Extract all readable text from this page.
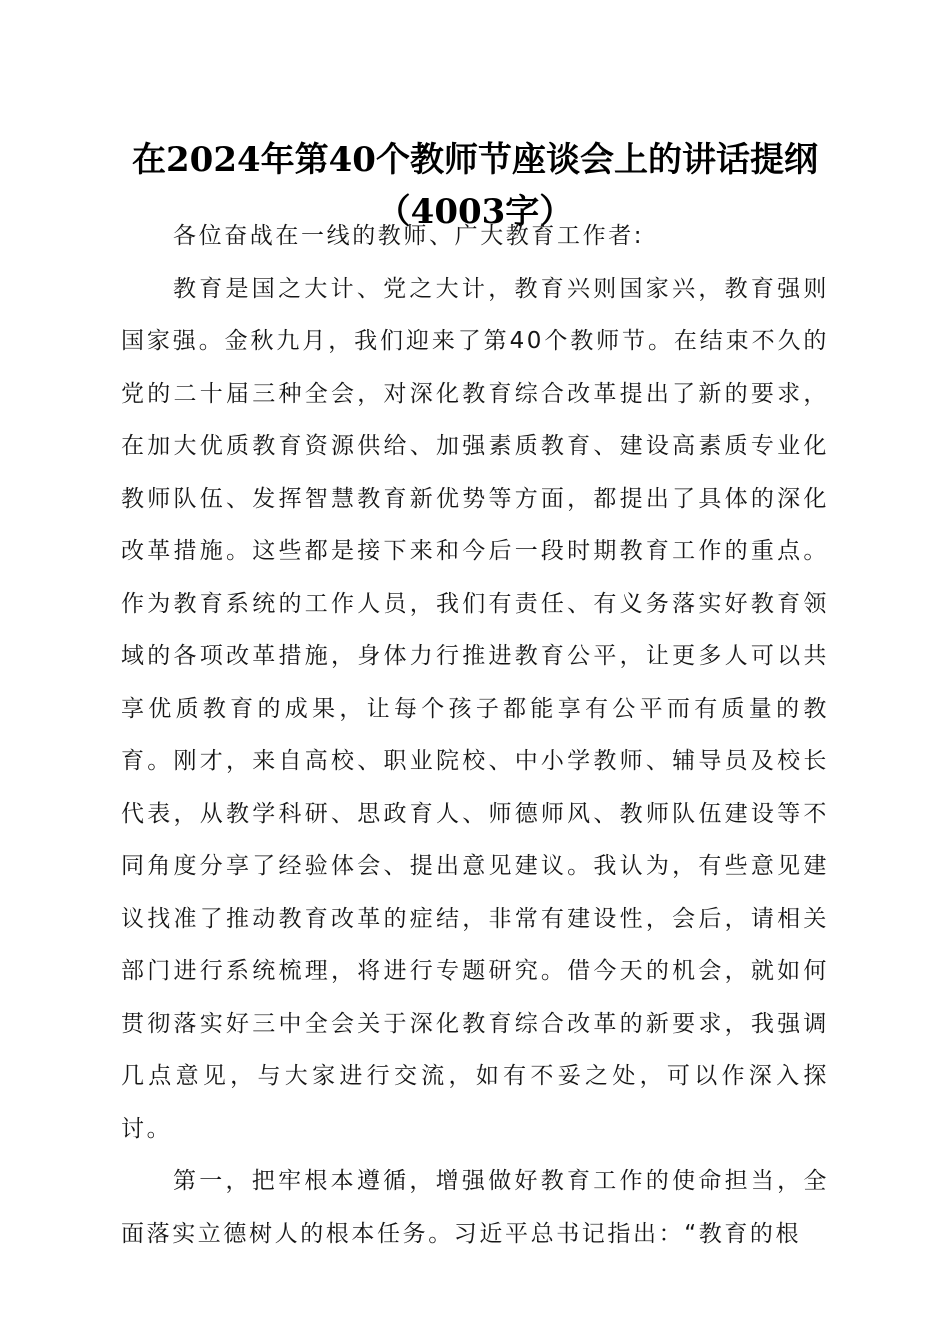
在2024年第40个教师节座谈会上的讲话提纲
（4003字）

各位奋战在一线的教师、广大教育工作者:

教育是国之大计、党之大计，教育兴则国家兴，教育强则国家强。金秋九月，我们迎来了第40个教师节。在结束不久的党的二十届三种全会，对深化教育综合改革提出了新的要求，在加大优质教育资源供给、加强素质教育、建设高素质专业化教师队伍、发挥智慧教育新优势等方面，都提出了具体的深化改革措施。这些都是接下来和今后一段时期教育工作的重点。作为教育系统的工作人员，我们有责任、有义务落实好教育领域的各项改革措施，身体力行推进教育公平，让更多人可以共享优质教育的成果，让每个孩子都能享有公平而有质量的教育。刚才，来自高校、职业院校、中小学教师、辅导员及校长代表，从教学科研、思政育人、师德师风、教师队伍建设等不同角度分享了经验体会、提出意见建议。我认为，有些意见建议找准了推动教育改革的症结，非常有建设性，会后，请相关部门进行系统梳理，将进行专题研究。借今天的机会，就如何贯彻落实好三中全会关于深化教育综合改革的新要求，我强调几点意见，与大家进行交流，如有不妥之处，可以作深入探讨。

第一，把牢根本遵循，增强做好教育工作的使命担当，全面落实立德树人的根本任务。习近平总书记指出：“教育的根
